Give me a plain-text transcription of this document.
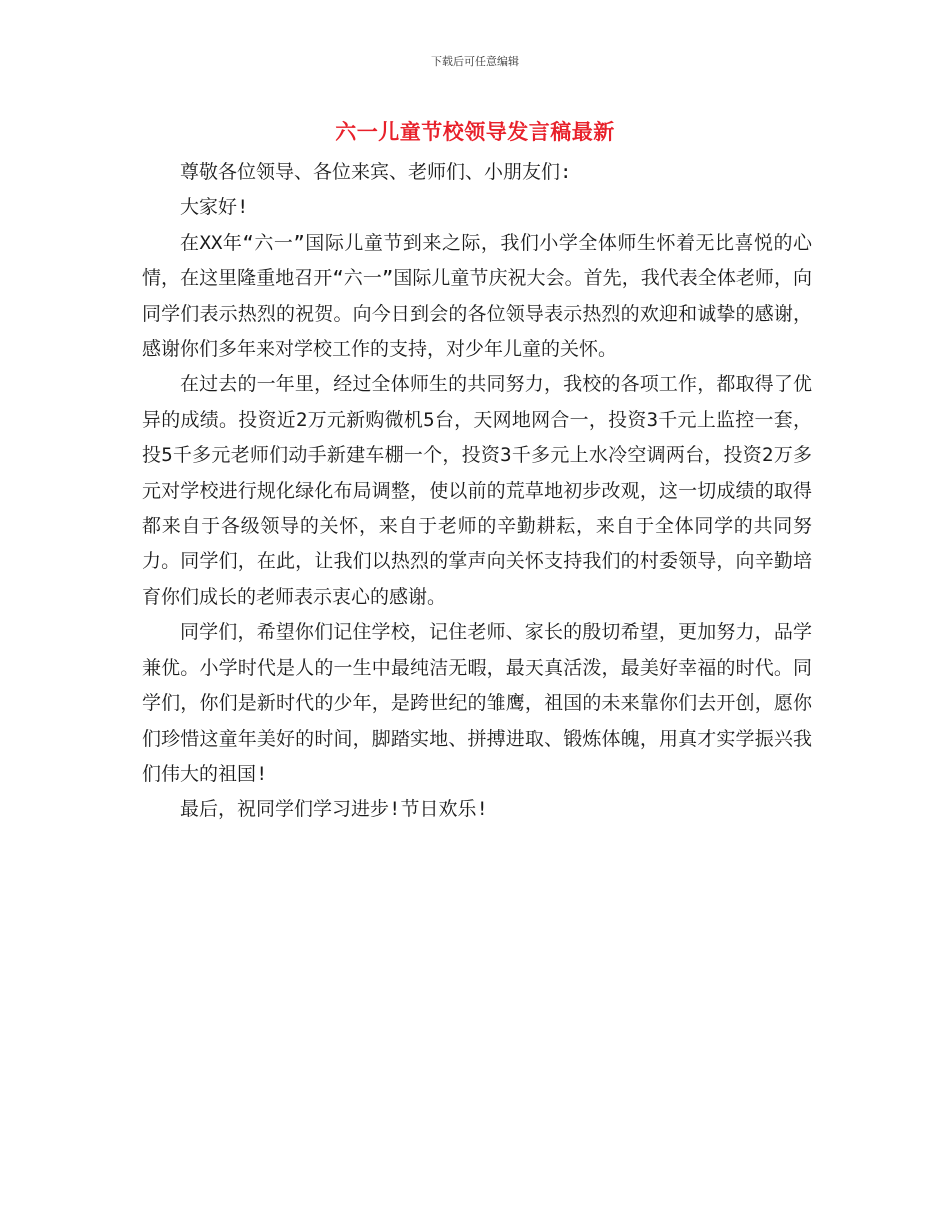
下载后可任意编辑
六一儿童节校领导发言稿最新

尊敬各位领导、各位来宾、老师们、小朋友们:

大家好!

在XX年“六一”国际儿童节到来之际，我们小学全体师生怀着无比喜悦的心情，在这里隆重地召开“六一”国际儿童节庆祝大会。首先，我代表全体老师，向同学们表示热烈的祝贺。向今日到会的各位领导表示热烈的欢迎和诚挚的感谢，感谢你们多年来对学校工作的支持，对少年儿童的关怀。

在过去的一年里，经过全体师生的共同努力，我校的各项工作，都取得了优异的成绩。投资近2万元新购微机5台，天网地网合一，投资3千元上监控一套，投5千多元老师们动手新建车棚一个，投资3千多元上水冷空调两台，投资2万多元对学校进行规化绿化布局调整，使以前的荒草地初步改观，这一切成绩的取得都来自于各级领导的关怀，来自于老师的辛勤耕耘，来自于全体同学的共同努力。同学们，在此，让我们以热烈的掌声向关怀支持我们的村委领导，向辛勤培育你们成长的老师表示衷心的感谢。

同学们，希望你们记住学校，记住老师、家长的殷切希望，更加努力，品学兼优。小学时代是人的一生中最纯洁无暇，最天真活泼，最美好幸福的时代。同学们，你们是新时代的少年，是跨世纪的雏鹰，祖国的未来靠你们去开创，愿你们珍惜这童年美好的时间，脚踏实地、拼搏进取、锻炼体魄，用真才实学振兴我们伟大的祖国!

最后，祝同学们学习进步!节日欢乐!
